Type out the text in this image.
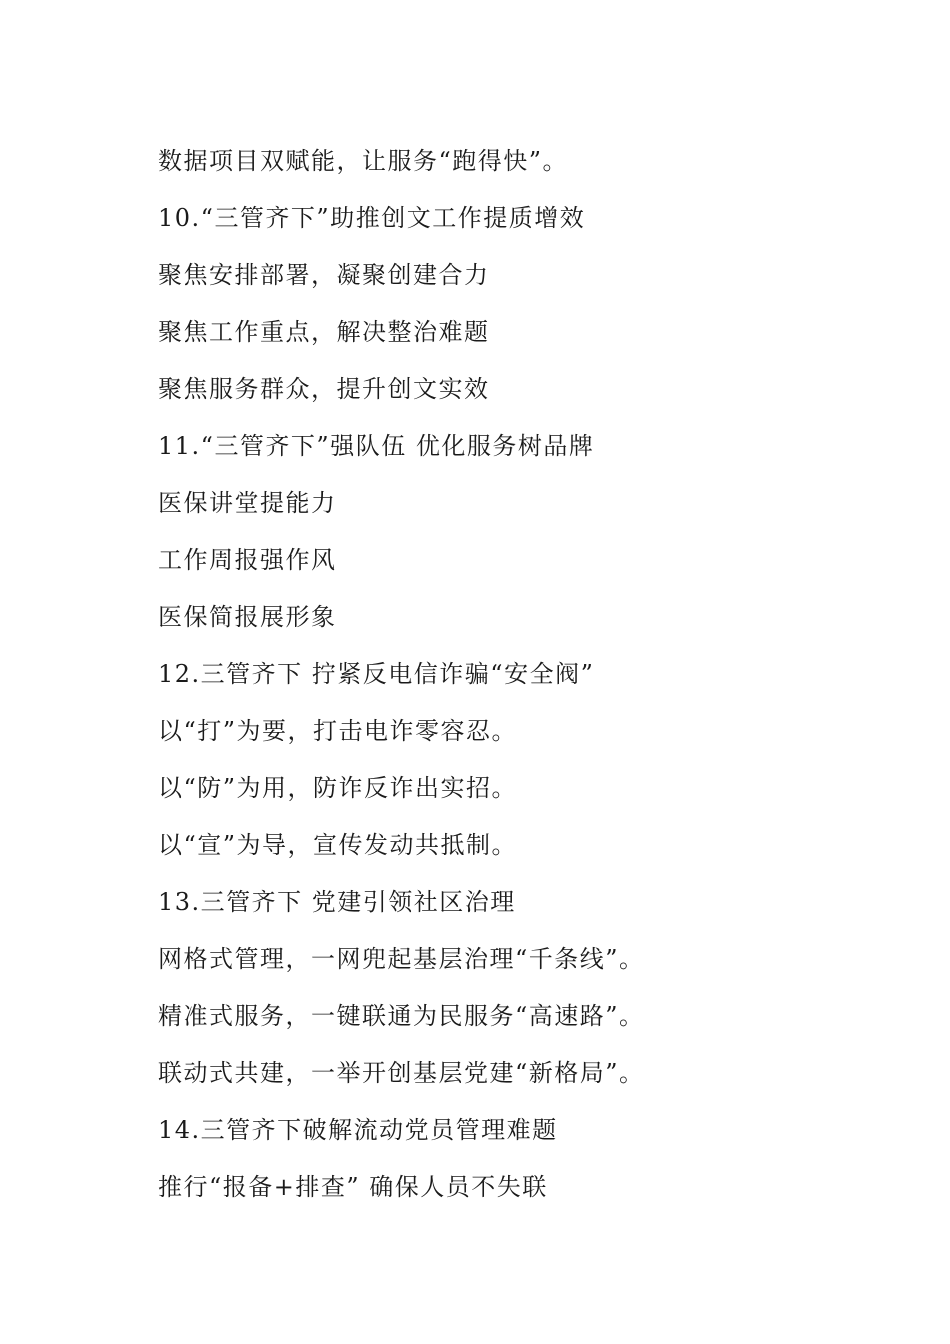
数据项目双赋能，让服务“跑得快”。
10.“三管齐下”助推创文工作提质增效
聚焦安排部署，凝聚创建合力
聚焦工作重点，解决整治难题
聚焦服务群众，提升创文实效
11.“三管齐下”强队伍 优化服务树品牌
医保讲堂提能力
工作周报强作风
医保简报展形象
12.三管齐下 拧紧反电信诈骗“安全阀”
以“打”为要，打击电诈零容忍。
以“防”为用，防诈反诈出实招。
以“宣”为导，宣传发动共抵制。
13.三管齐下 党建引领社区治理
网格式管理，一网兜起基层治理“千条线”。
精准式服务，一键联通为民服务“高速路”。
联动式共建，一举开创基层党建“新格局”。
14.三管齐下破解流动党员管理难题
推行“报备+排查” 确保人员不失联
